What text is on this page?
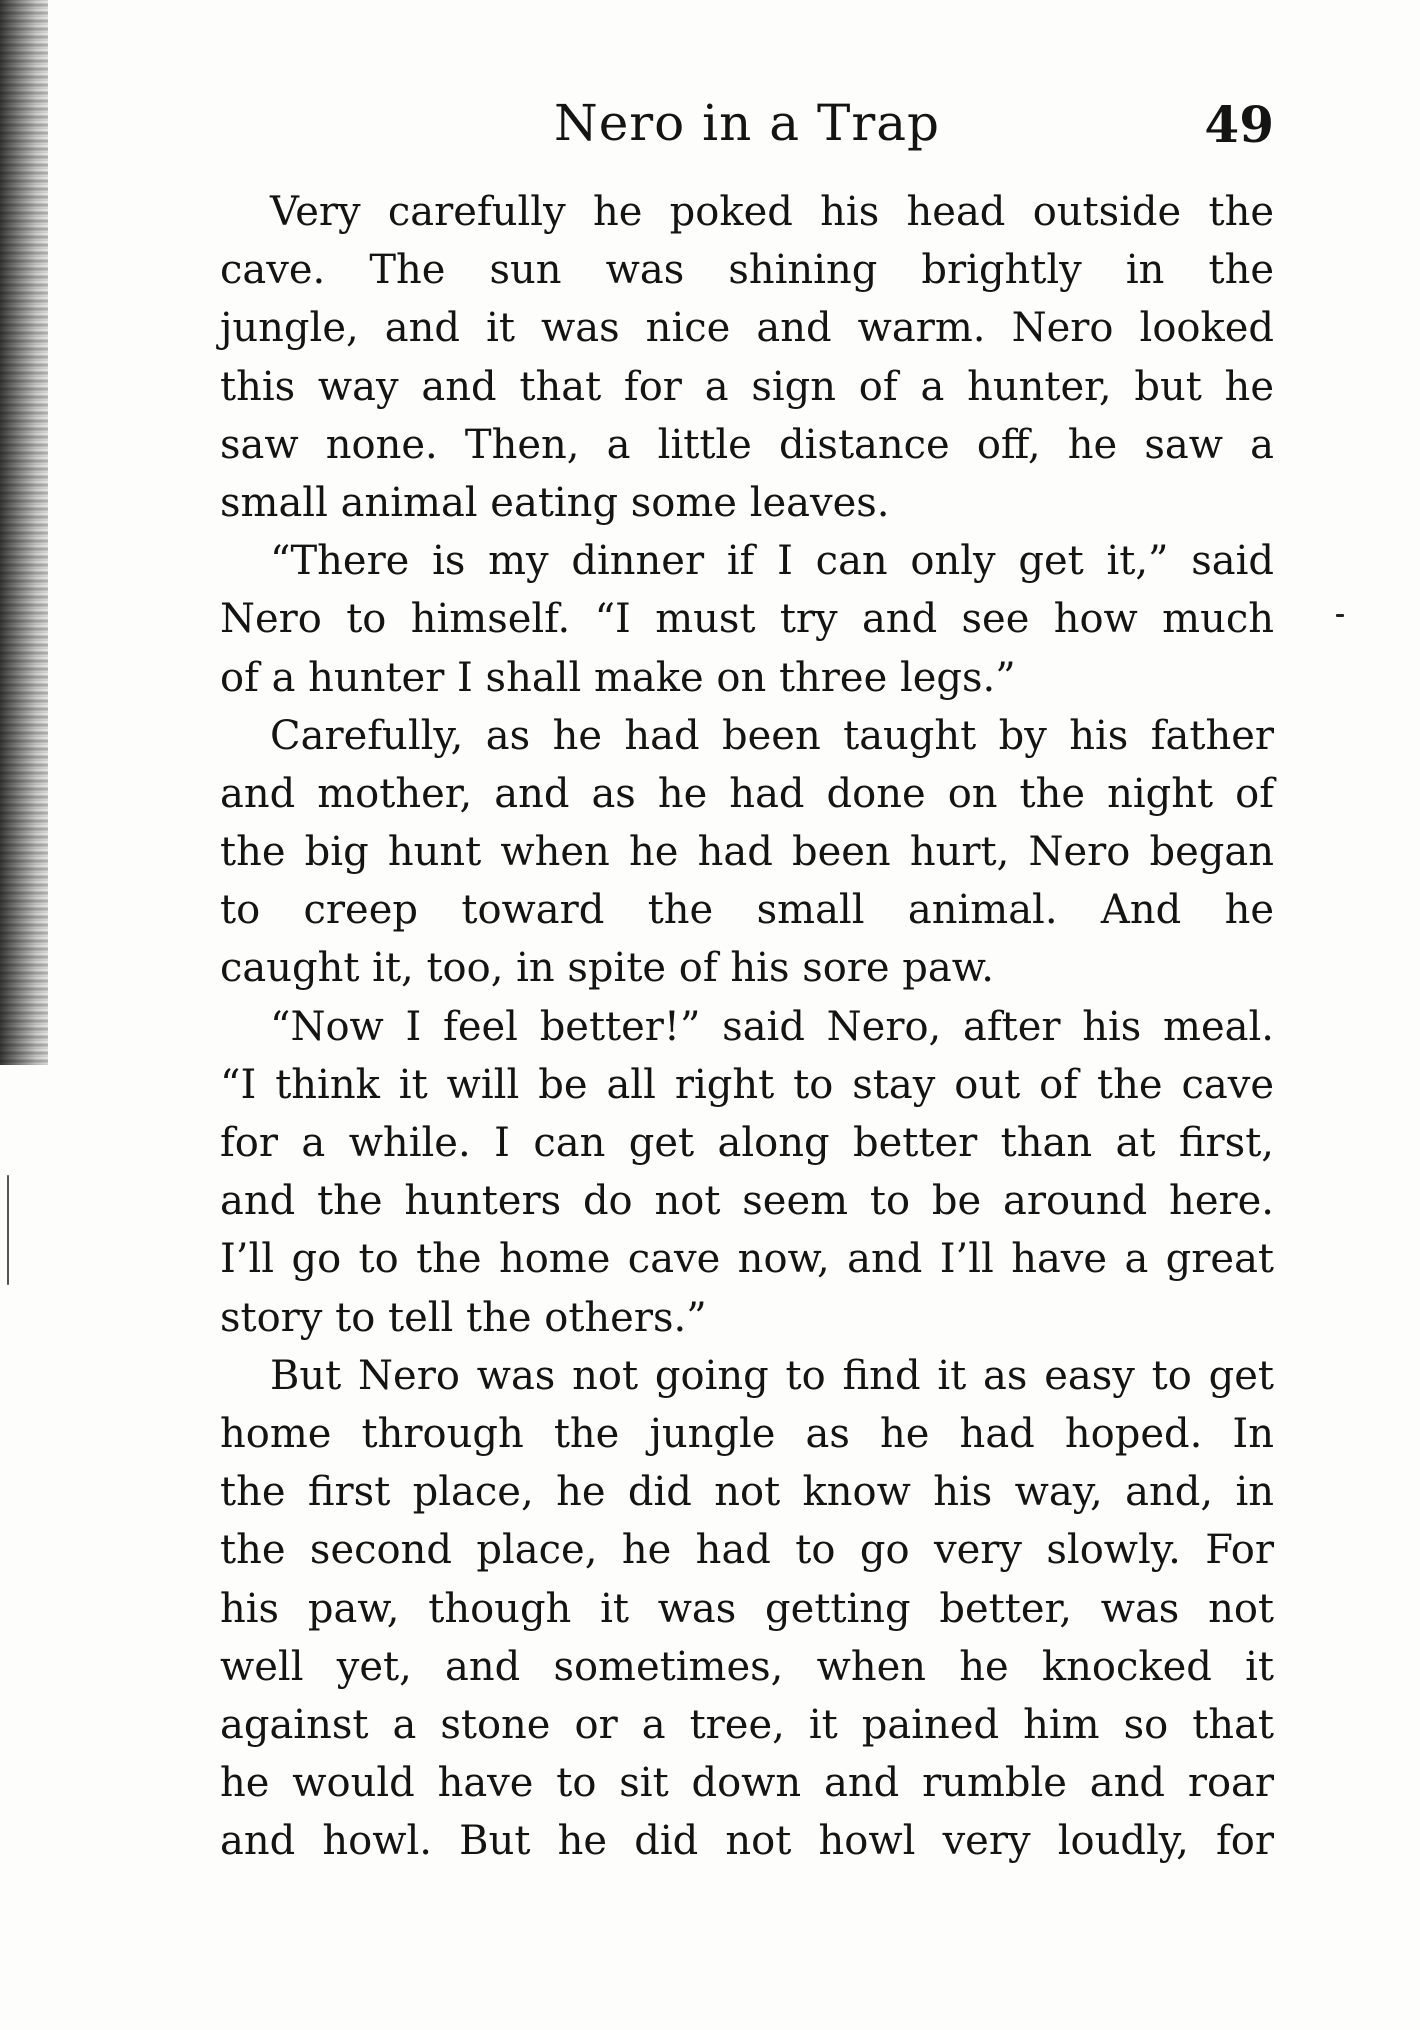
Nero in a Trap	49
Very carefully he poked his head outside the
cave. The sun was shining brightly in the
jungle, and it was nice and warm. Nero looked
this way and that for a sign of a hunter, but he
saw none. Then, a little distance off, he saw a
small animal eating some leaves.
“There is my dinner if I can only get it,” said
Nero to himself. “I must try and see how much
of a hunter I shall make on three legs.”
Carefully, as he had been taught by his father
and mother, and as he had done on the night of
the big hunt when he had been hurt, Nero began
to creep toward the small animal. And he
caught it, too, in spite of his sore paw.
“Now I feel better!” said Nero, after his meal.
“I think it will be all right to stay out of the cave
for a while. I can get along better than at first,
and the hunters do not seem to be around here.
I’ll go to the home cave now, and I’ll have a great
story to tell the others.”
But Nero was not going to find it as easy to get
home through the jungle as he had hoped. In
the first place, he did not know his way, and, in
the second place, he had to go very slowly. For
his paw, though it was getting better, was not
well yet, and sometimes, when he knocked it
against a stone or a tree, it pained him so that
he would have to sit down and rumble and roar
and howl. But he did not howl very loudly, for
